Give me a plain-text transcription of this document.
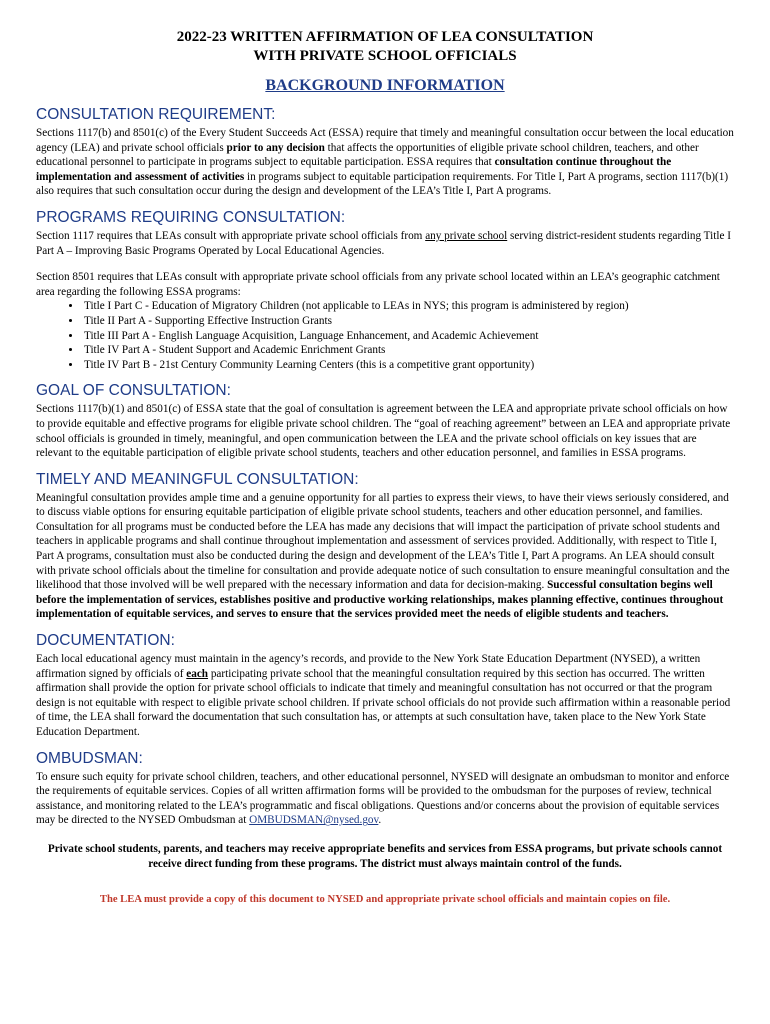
2022-23 WRITTEN AFFIRMATION OF LEA CONSULTATION
WITH PRIVATE SCHOOL OFFICIALS

BACKGROUND INFORMATION

CONSULTATION REQUIREMENT:

Sections 1117(b) and 8501(c) of the Every Student Succeeds Act (ESSA) require that timely and meaningful consultation occur between the local education agency (LEA) and private school officials prior to any decision that affects the opportunities of eligible private school children, teachers, and other educational personnel to participate in programs subject to equitable participation. ESSA requires that consultation continue throughout the implementation and assessment of activities in programs subject to equitable participation requirements. For Title I, Part A programs, section 1117(b)(1) also requires that such consultation occur during the design and development of the LEA’s Title I, Part A programs.

PROGRAMS REQUIRING CONSULTATION:

Section 1117 requires that LEAs consult with appropriate private school officials from any private school serving district-resident students regarding Title I Part A – Improving Basic Programs Operated by Local Educational Agencies.

Section 8501 requires that LEAs consult with appropriate private school officials from any private school located within an LEA’s geographic catchment area regarding the following ESSA programs:

• Title I Part C - Education of Migratory Children (not applicable to LEAs in NYS; this program is administered by region)
• Title II Part A - Supporting Effective Instruction Grants
• Title III Part A - English Language Acquisition, Language Enhancement, and Academic Achievement
• Title IV Part A - Student Support and Academic Enrichment Grants
• Title IV Part B - 21st Century Community Learning Centers (this is a competitive grant opportunity)
GOAL OF CONSULTATION:

Sections 1117(b)(1) and 8501(c) of ESSA state that the goal of consultation is agreement between the LEA and appropriate private school officials on how to provide equitable and effective programs for eligible private school children. The “goal of reaching agreement” between an LEA and appropriate private school officials is grounded in timely, meaningful, and open communication between the LEA and the private school officials on key issues that are relevant to the equitable participation of eligible private school students, teachers and other education personnel, and families in ESSA programs.

TIMELY AND MEANINGFUL CONSULTATION:

Meaningful consultation provides ample time and a genuine opportunity for all parties to express their views, to have their views seriously considered, and to discuss viable options for ensuring equitable participation of eligible private school students, teachers and other education personnel, and families. Consultation for all programs must be conducted before the LEA has made any decisions that will impact the participation of private school students and teachers in applicable programs and shall continue throughout implementation and assessment of services provided. Additionally, with respect to Title I, Part A programs, consultation must also be conducted during the design and development of the LEA’s Title I, Part A programs. An LEA should consult with private school officials about the timeline for consultation and provide adequate notice of such consultation to ensure meaningful consultation and the likelihood that those involved will be well prepared with the necessary information and data for decision-making. Successful consultation begins well before the implementation of services, establishes positive and productive working relationships, makes planning effective, continues throughout implementation of equitable services, and serves to ensure that the services provided meet the needs of eligible students and teachers.

DOCUMENTATION:

Each local educational agency must maintain in the agency’s records, and provide to the New York State Education Department (NYSED), a written affirmation signed by officials of each participating private school that the meaningful consultation required by this section has occurred. The written affirmation shall provide the option for private school officials to indicate that timely and meaningful consultation has not occurred or that the program design is not equitable with respect to eligible private school children. If private school officials do not provide such affirmation within a reasonable period of time, the LEA shall forward the documentation that such consultation has, or attempts at such consultation have, taken place to the New York State Education Department.

OMBUDSMAN:

To ensure such equity for private school children, teachers, and other educational personnel, NYSED will designate an ombudsman to monitor and enforce the requirements of equitable services. Copies of all written affirmation forms will be provided to the ombudsman for the purposes of review, technical assistance, and monitoring related to the LEA’s programmatic and fiscal obligations. Questions and/or concerns about the provision of equitable services may be directed to the NYSED Ombudsman at OMBUDSMAN@nysed.gov.

Private school students, parents, and teachers may receive appropriate benefits and services from ESSA programs, but private schools cannot receive direct funding from these programs. The district must always maintain control of the funds.

The LEA must provide a copy of this document to NYSED and appropriate private school officials and maintain copies on file.
